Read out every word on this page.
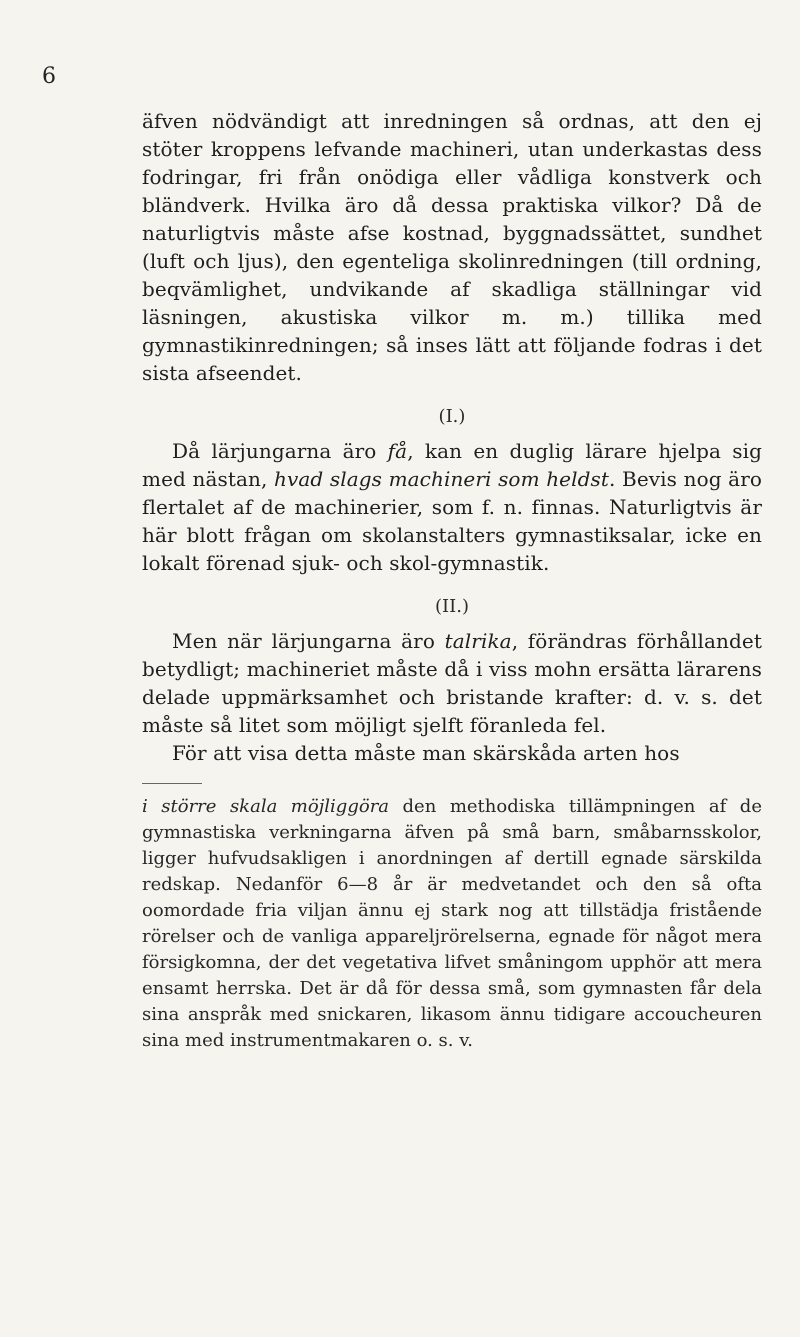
6

äfven nödvändigt att inredningen så ordnas, att den ej stöter kroppens lefvande machineri, utan underkastas dess fodringar, fri från onödiga eller vådliga konstverk och bländverk. Hvilka äro då dessa praktiska vilkor? Då de naturligtvis måste afse kostnad, byggnadssättet, sundhet (luft och ljus), den egenteliga skolinredningen (till ordning, beqvämlighet, undvikande af skadliga ställningar vid läsningen, akustiska vilkor m. m.) tillika med gymnastikinredningen; så inses lätt att följande fodras i det sista afseendet.

(I.)

Då lärjungarna äro få, kan en duglig lärare hjelpa sig med nästan, hvad slags machineri som heldst. Bevis nog äro flertalet af de machinerier, som f. n. finnas. Naturligtvis är här blott frågan om skolanstalters gymnastiksalar, icke en lokalt förenad sjuk- och skol-gymnastik.

(II.)

Men när lärjungarna äro talrika, förändras förhållandet betydligt; machineriet måste då i viss mohn ersätta lärarens delade uppmärksamhet och bristande krafter: d. v. s. det måste så litet som möjligt sjelft föranleda fel.

För att visa detta måste man skärskåda arten hos

i större skala möjliggöra den methodiska tillämpningen af de gymnastiska verkningarna äfven på små barn, småbarnsskolor, ligger hufvudsakligen i anordningen af dertill egnade särskilda redskap. Nedanför 6—8 år är medvetandet och den så ofta oomordade fria viljan ännu ej stark nog att tillstädja fristående rörelser och de vanliga appareljrörelserna, egnade för något mera försigkomna, der det vegetativa lifvet småningom upphör att mera ensamt herrska. Det är då för dessa små, som gymnasten får dela sina anspråk med snickaren, likasom ännu tidigare accoucheuren sina med instrumentmakaren o. s. v.
